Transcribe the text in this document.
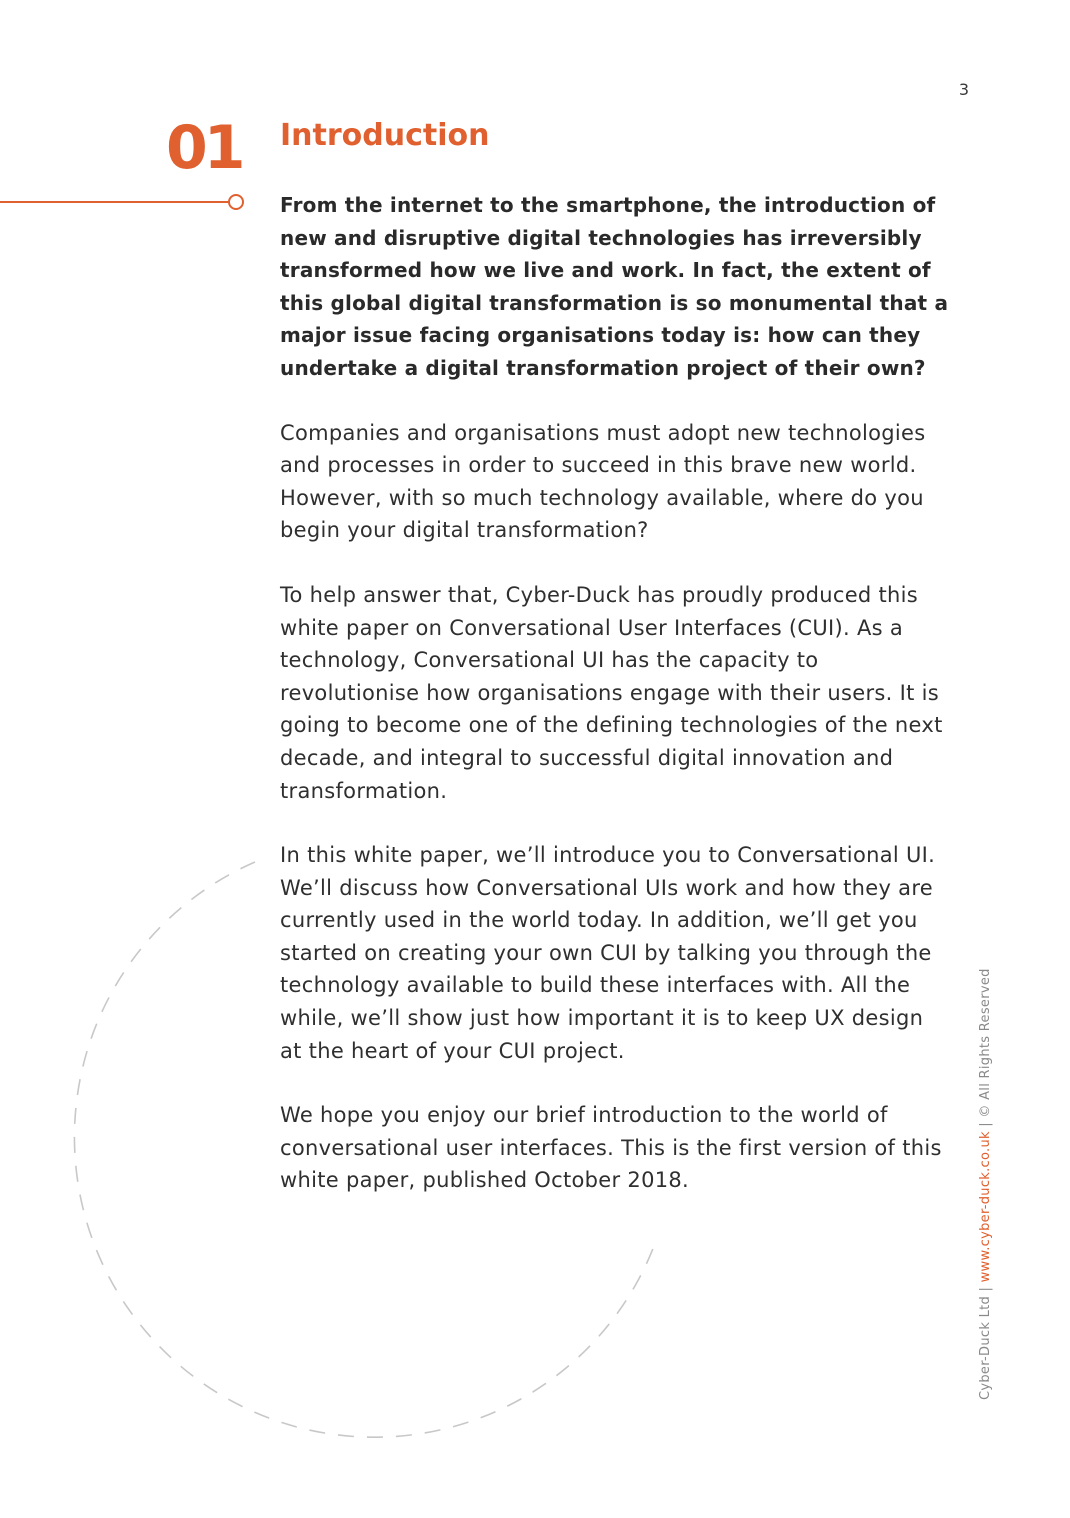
3
01 Introduction

From the internet to the smartphone, the introduction of new and disruptive digital technologies has irreversibly transformed how we live and work. In fact, the extent of this global digital transformation is so monumental that a major issue facing organisations today is: how can they undertake a digital transformation project of their own?

Companies and organisations must adopt new technologies and processes in order to succeed in this brave new world. However, with so much technology available, where do you begin your digital transformation?

To help answer that, Cyber-Duck has proudly produced this white paper on Conversational User Interfaces (CUI). As a technology, Conversational UI has the capacity to revolutionise how organisations engage with their users. It is going to become one of the defining technologies of the next decade, and integral to successful digital innovation and transformation.

In this white paper, we’ll introduce you to Conversational UI. We’ll discuss how Conversational UIs work and how they are currently used in the world today. In addition, we’ll get you started on creating your own CUI by talking you through the technology available to build these interfaces with. All the while, we’ll show just how important it is to keep UX design at the heart of your CUI project.

We hope you enjoy our brief introduction to the world of conversational user interfaces. This is the first version of this white paper, published October 2018.

Cyber-Duck Ltd | www.cyber-duck.co.uk | © All Rights Reserved
